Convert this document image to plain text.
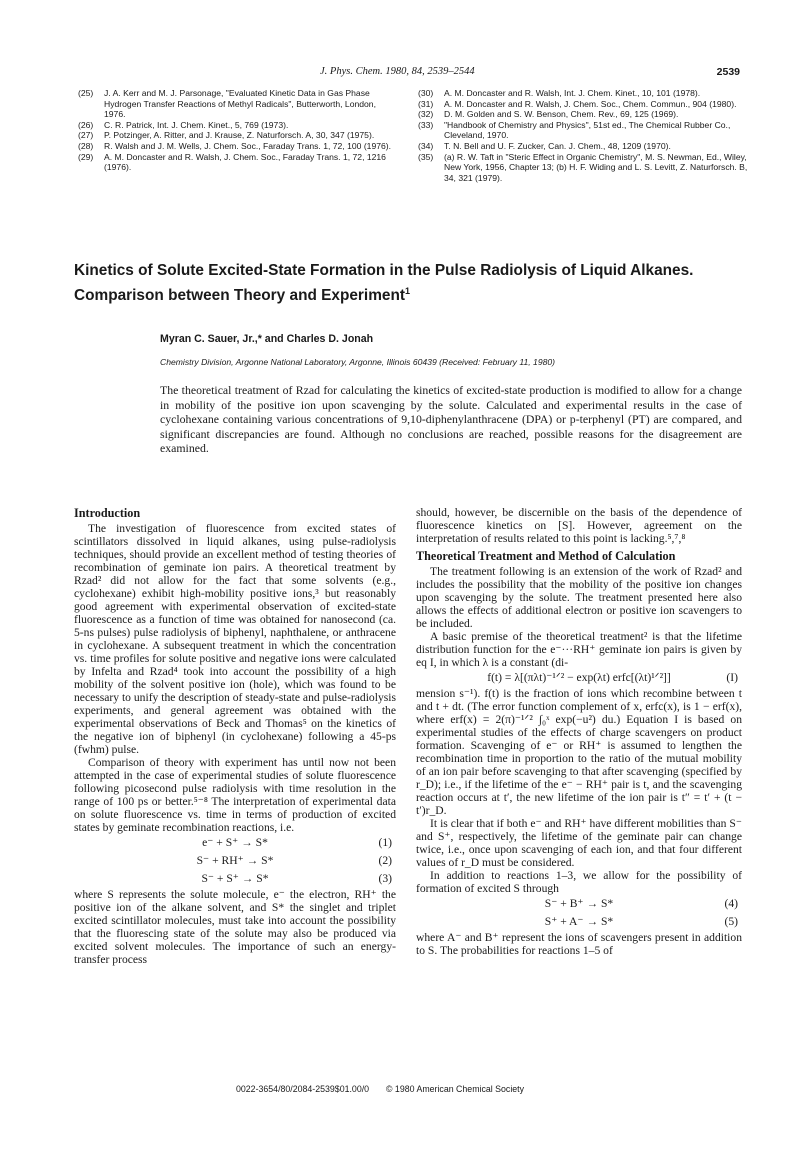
J. Phys. Chem. 1980, 84, 2539–2544	2539
(25) J. A. Kerr and M. J. Parsonage, "Evaluated Kinetic Data in Gas Phase Hydrogen Transfer Reactions of Methyl Radicals", Butterworth, London, 1976.
(26) C. R. Patrick, Int. J. Chem. Kinet., 5, 769 (1973).
(27) P. Potzinger, A. Ritter, and J. Krause, Z. Naturforsch. A, 30, 347 (1975).
(28) R. Walsh and J. M. Wells, J. Chem. Soc., Faraday Trans. 1, 72, 100 (1976).
(29) A. M. Doncaster and R. Walsh, J. Chem. Soc., Faraday Trans. 1, 72, 1216 (1976).
(30) A. M. Doncaster and R. Walsh, Int. J. Chem. Kinet., 10, 101 (1978).
(31) A. M. Doncaster and R. Walsh, J. Chem. Soc., Chem. Commun., 904 (1980).
(32) D. M. Golden and S. W. Benson, Chem. Rev., 69, 125 (1969).
(33) "Handbook of Chemistry and Physics", 51st ed., The Chemical Rubber Co., Cleveland, 1970.
(34) T. N. Bell and U. F. Zucker, Can. J. Chem., 48, 1209 (1970).
(35) (a) R. W. Taft in "Steric Effect in Organic Chemistry", M. S. Newman, Ed., Wiley, New York, 1956, Chapter 13; (b) H. F. Widing and L. S. Levitt, Z. Naturforsch. B, 34, 321 (1979).
Kinetics of Solute Excited-State Formation in the Pulse Radiolysis of Liquid Alkanes.
Comparison between Theory and Experiment$^1$
Myran C. Sauer, Jr.,* and Charles D. Jonah
Chemistry Division, Argonne National Laboratory, Argonne, Illinois 60439 (Received: February 11, 1980)
The theoretical treatment of Rzad for calculating the kinetics of excited-state production is modified to allow for a change in mobility of the positive ion upon scavenging by the solute. Calculated and experimental results in the case of cyclohexane containing various concentrations of 9,10-diphenylanthracene (DPA) or p-terphenyl (PT) are compared, and significant discrepancies are found. Although no conclusions are reached, possible reasons for the disagreement are examined.
Introduction

The investigation of fluorescence from excited states of scintillators dissolved in liquid alkanes, using pulse-radiolysis techniques, should provide an excellent method of testing theories of recombination of geminate ion pairs. A theoretical treatment by Rzad² did not allow for the fact that some solvents (e.g., cyclohexane) exhibit high-mobility positive ions,³ but reasonably good agreement with experimental observation of excited-state fluorescence as a function of time was obtained for nanosecond (ca. 5-ns pulses) pulse radiolysis of biphenyl, naphthalene, or anthracene in cyclohexane. A subsequent treatment in which the concentration vs. time profiles for solute positive and negative ions were calculated by Infelta and Rzad⁴ took into account the possibility of a high mobility of the solvent positive ion (hole), which was found to be necessary to unify the description of steady-state and pulse-radiolysis experiments, and general agreement was obtained with the experimental observations of Beck and Thomas⁵ on the kinetics of the negative ion of biphenyl (in cyclohexane) following a 45-ps (fwhm) pulse.

Comparison of theory with experiment has until now not been attempted in the case of experimental studies of solute fluorescence following picosecond pulse radiolysis with time resolution in the range of 100 ps or better.⁵⁻⁸ The interpretation of experimental data on solute fluorescence vs. time in terms of production of excited states by geminate recombination reactions, i.e.

e⁻ + S⁺ → S*	(1)
S⁻ + RH⁺ → S*	(2)
S⁻ + S⁺ → S*	(3)

where S represents the solute molecule, e⁻ the electron, RH⁺ the positive ion of the alkane solvent, and S* the singlet and triplet excited scintillator molecules, must take into account the possibility that the fluorescing state of the solute may also be produced via excited solvent molecules. The importance of such an energy-transfer process

should, however, be discernible on the basis of the dependence of fluorescence kinetics on [S]. However, agreement on the interpretation of results related to this point is lacking.⁵,⁷,⁸

Theoretical Treatment and Method of Calculation

The treatment following is an extension of the work of Rzad² and includes the possibility that the mobility of the positive ion changes upon scavenging by the solute. The treatment presented here also allows the effects of additional electron or positive ion scavengers to be included.

A basic premise of the theoretical treatment² is that the lifetime distribution function for the e⁻···RH⁺ geminate ion pairs is given by eq I, in which λ is a constant (di-

f(t) = λ[(πλt)⁻¹ᐟ² − exp(λt) erfc[(λt)¹ᐟ²]]	(I)

mension s⁻¹). f(t) is the fraction of ions which recombine between t and t + dt. (The error function complement of x, erfc(x), is 1 − erf(x), where erf(x) = 2(π)⁻¹ᐟ² ∫₀ˣ exp(−u²) du.) Equation I is based on experimental studies of the effects of charge scavengers on product formation. Scavenging of e⁻ or RH⁺ is assumed to lengthen the recombination time in proportion to the ratio of the mutual mobility of an ion pair before scavenging to that after scavenging (specified by r_D); i.e., if the lifetime of the e⁻ − RH⁺ pair is t, and the scavenging reaction occurs at t′, the new lifetime of the ion pair is t″ = t′ + (t − t′)r_D.

It is clear that if both e⁻ and RH⁺ have different mobilities than S⁻ and S⁺, respectively, the lifetime of the geminate pair can change twice, i.e., once upon scavenging of each ion, and that four different values of r_D must be considered.

In addition to reactions 1–3, we allow for the possibility of formation of excited S through

S⁻ + B⁺ → S*	(4)
S⁺ + A⁻ → S*	(5)

where A⁻ and B⁺ represent the ions of scavengers present in addition to S. The probabilities for reactions 1–5 of

0022-3654/80/2084-2539$01.00/0 © 1980 American Chemical Society
